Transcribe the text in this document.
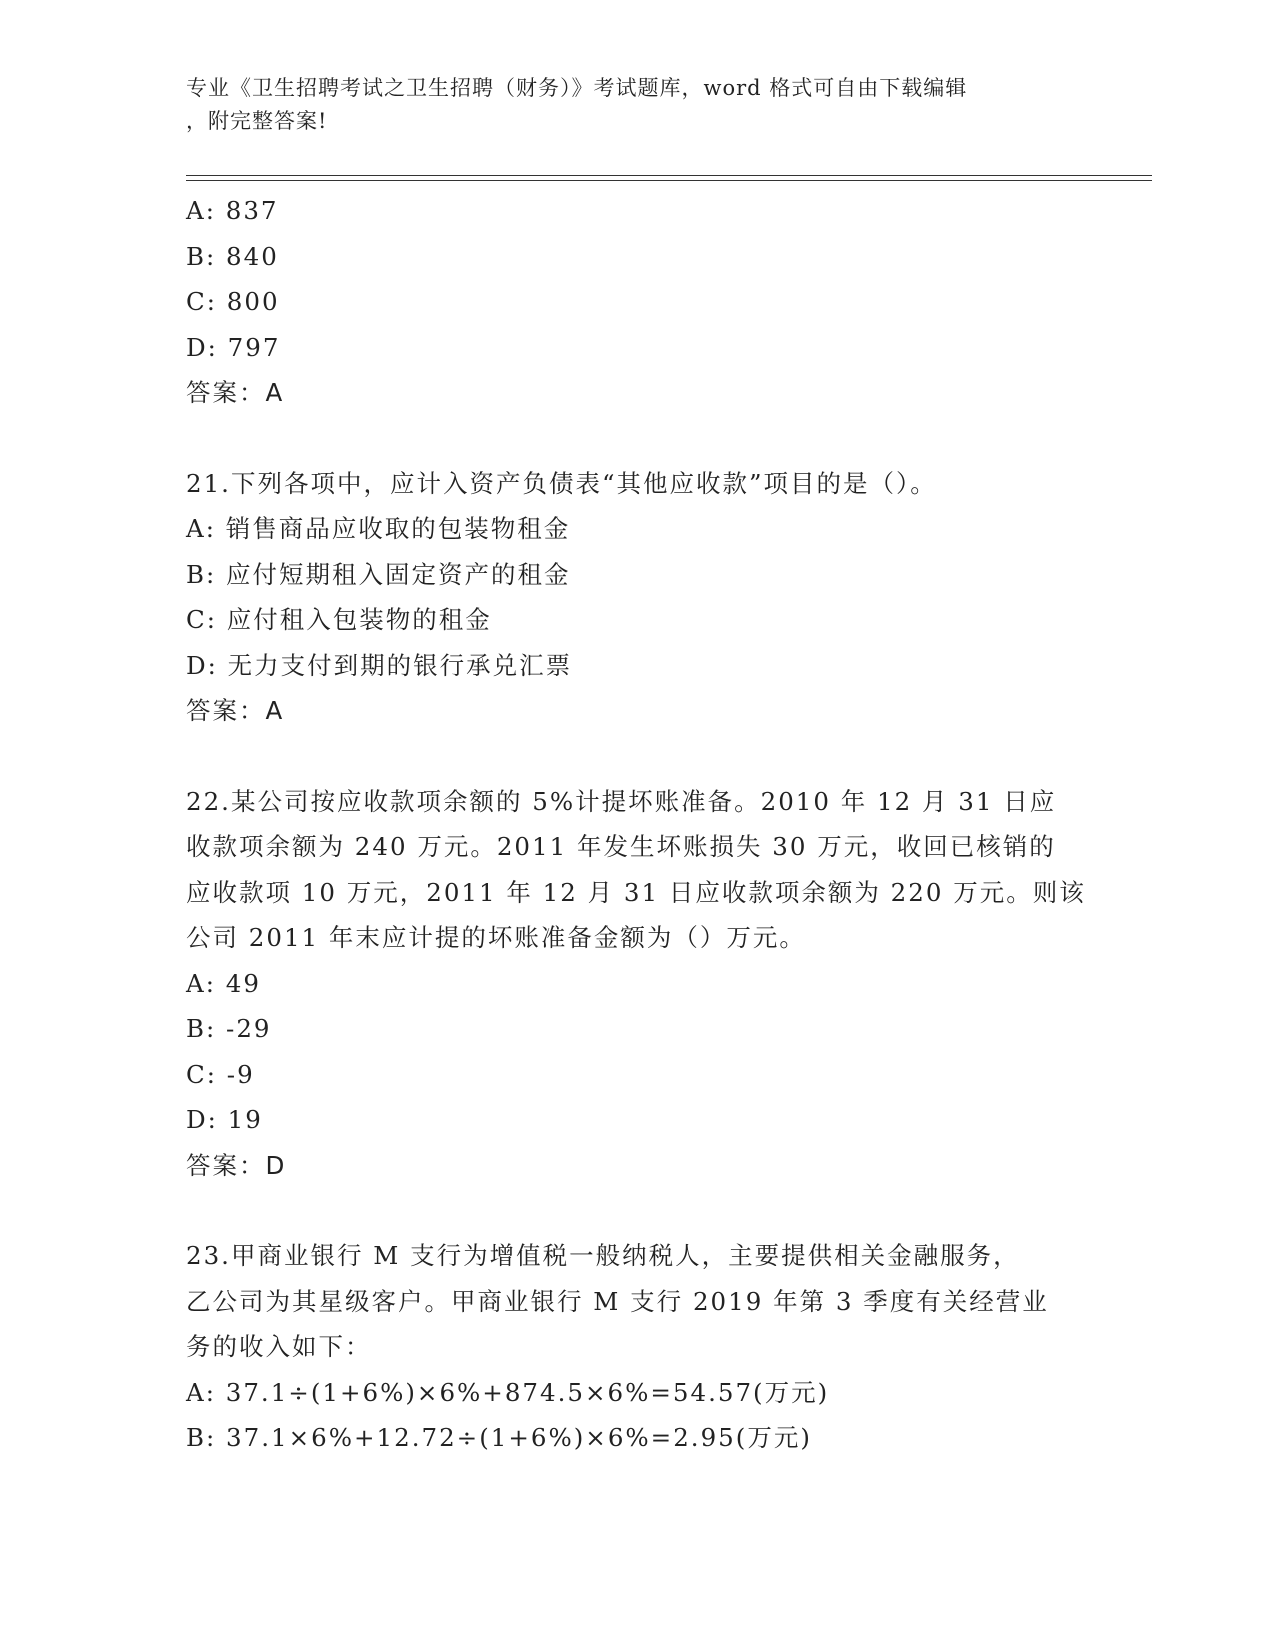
专业《卫生招聘考试之卫生招聘（财务）》考试题库，word 格式可自由下载编辑
，附完整答案!
A: 837
B: 840
C: 800
D: 797
答案：A
21.下列各项中，应计入资产负债表“其他应收款”项目的是（）。
A: 销售商品应收取的包装物租金
B: 应付短期租入固定资产的租金
C: 应付租入包装物的租金
D: 无力支付到期的银行承兑汇票
答案：A
22.某公司按应收款项余额的 5%计提坏账准备。2010 年 12 月 31 日应
收款项余额为 240 万元。2011 年发生坏账损失 30 万元，收回已核销的
应收款项 10 万元，2011 年 12 月 31 日应收款项余额为 220 万元。则该
公司 2011 年末应计提的坏账准备金额为（）万元。
A: 49
B: -29
C: -9
D: 19
答案：D
23.甲商业银行 M 支行为增值税一般纳税人，主要提供相关金融服务，
乙公司为其星级客户。甲商业银行 M 支行 2019 年第 3 季度有关经营业
务的收入如下：
A: 37.1÷(1+6%)×6%+874.5×6%=54.57(万元)
B: 37.1×6%+12.72÷(1+6%)×6%=2.95(万元)
